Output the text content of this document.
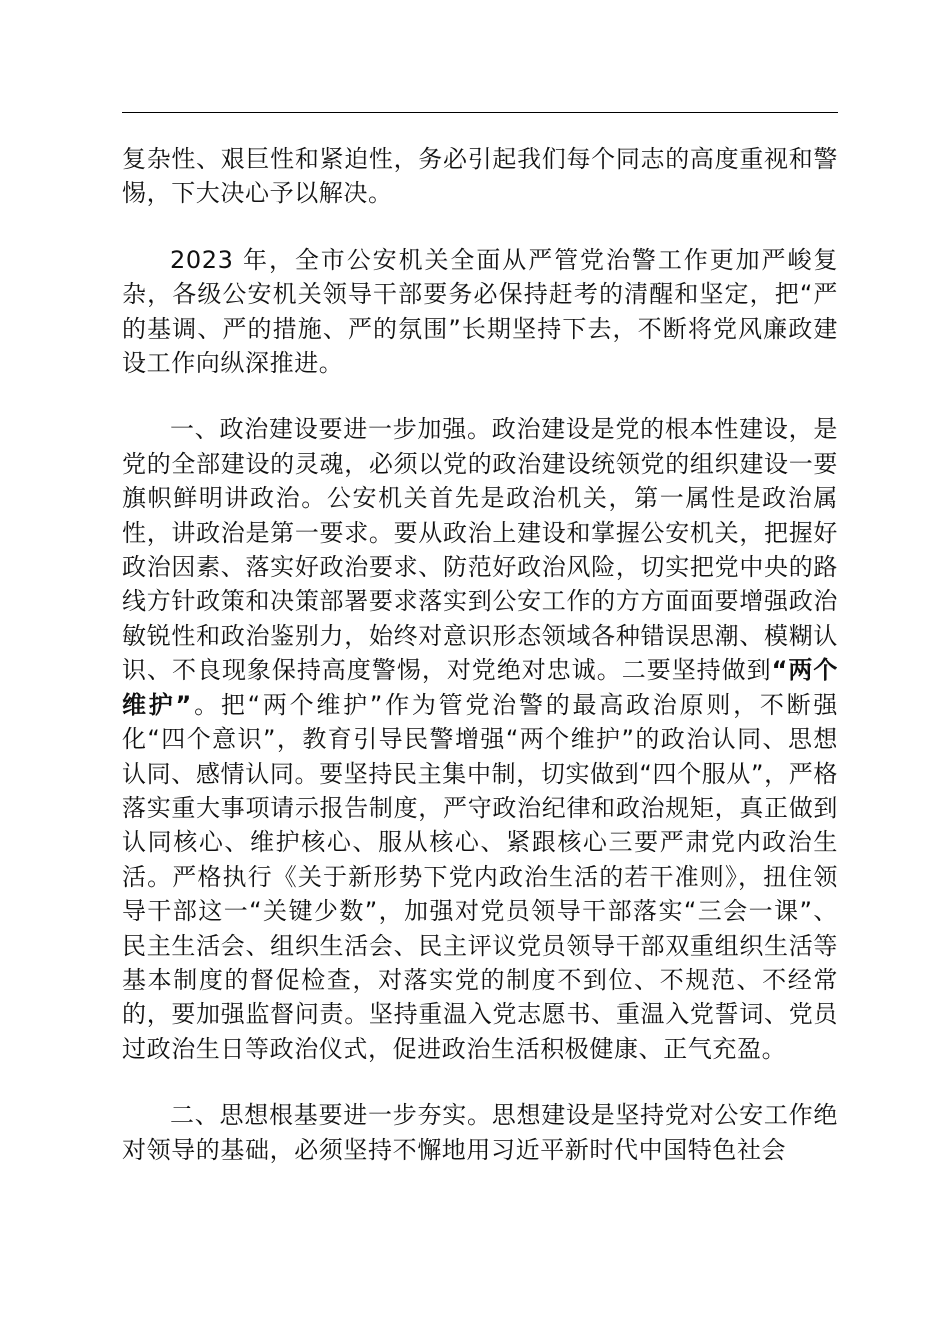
复杂性、艰巨性和紧迫性，务必引起我们每个同志的高度重视和警惕，下大决心予以解决。

2023 年，全市公安机关全面从严管党治警工作更加严峻复杂，各级公安机关领导干部要务必保持赶考的清醒和坚定，把“严的基调、严的措施、严的氛围”长期坚持下去，不断将党风廉政建设工作向纵深推进。

一、政治建设要进一步加强。政治建设是党的根本性建设，是党的全部建设的灵魂，必须以党的政治建设统领党的组织建设一要旗帜鲜明讲政治。公安机关首先是政治机关，第一属性是政治属性，讲政治是第一要求。要从政治上建设和掌握公安机关，把握好政治因素、落实好政治要求、防范好政治风险，切实把党中央的路线方针政策和决策部署要求落实到公安工作的方方面面要增强政治敏锐性和政治鉴别力，始终对意识形态领域各种错误思潮、模糊认识、不良现象保持高度警惕，对党绝对忠诚。二要坚持做到“两个维护”。把“两个维护”作为管党治警的最高政治原则，不断强化“四个意识”，教育引导民警增强“两个维护”的政治认同、思想认同、感情认同。要坚持民主集中制，切实做到“四个服从”，严格落实重大事项请示报告制度，严守政治纪律和政治规矩，真正做到认同核心、维护核心、服从核心、紧跟核心三要严肃党内政治生活。严格执行《关于新形势下党内政治生活的若干准则》，扭住领导干部这一“关键少数”，加强对党员领导干部落实“三会一课”、民主生活会、组织生活会、民主评议党员领导干部双重组织生活等基本制度的督促检查，对落实党的制度不到位、不规范、不经常的，要加强监督问责。坚持重温入党志愿书、重温入党誓词、党员过政治生日等政治仪式，促进政治生活积极健康、正气充盈。

二、思想根基要进一步夯实。思想建设是坚持党对公安工作绝对领导的基础，必须坚持不懈地用习近平新时代中国特色社会
